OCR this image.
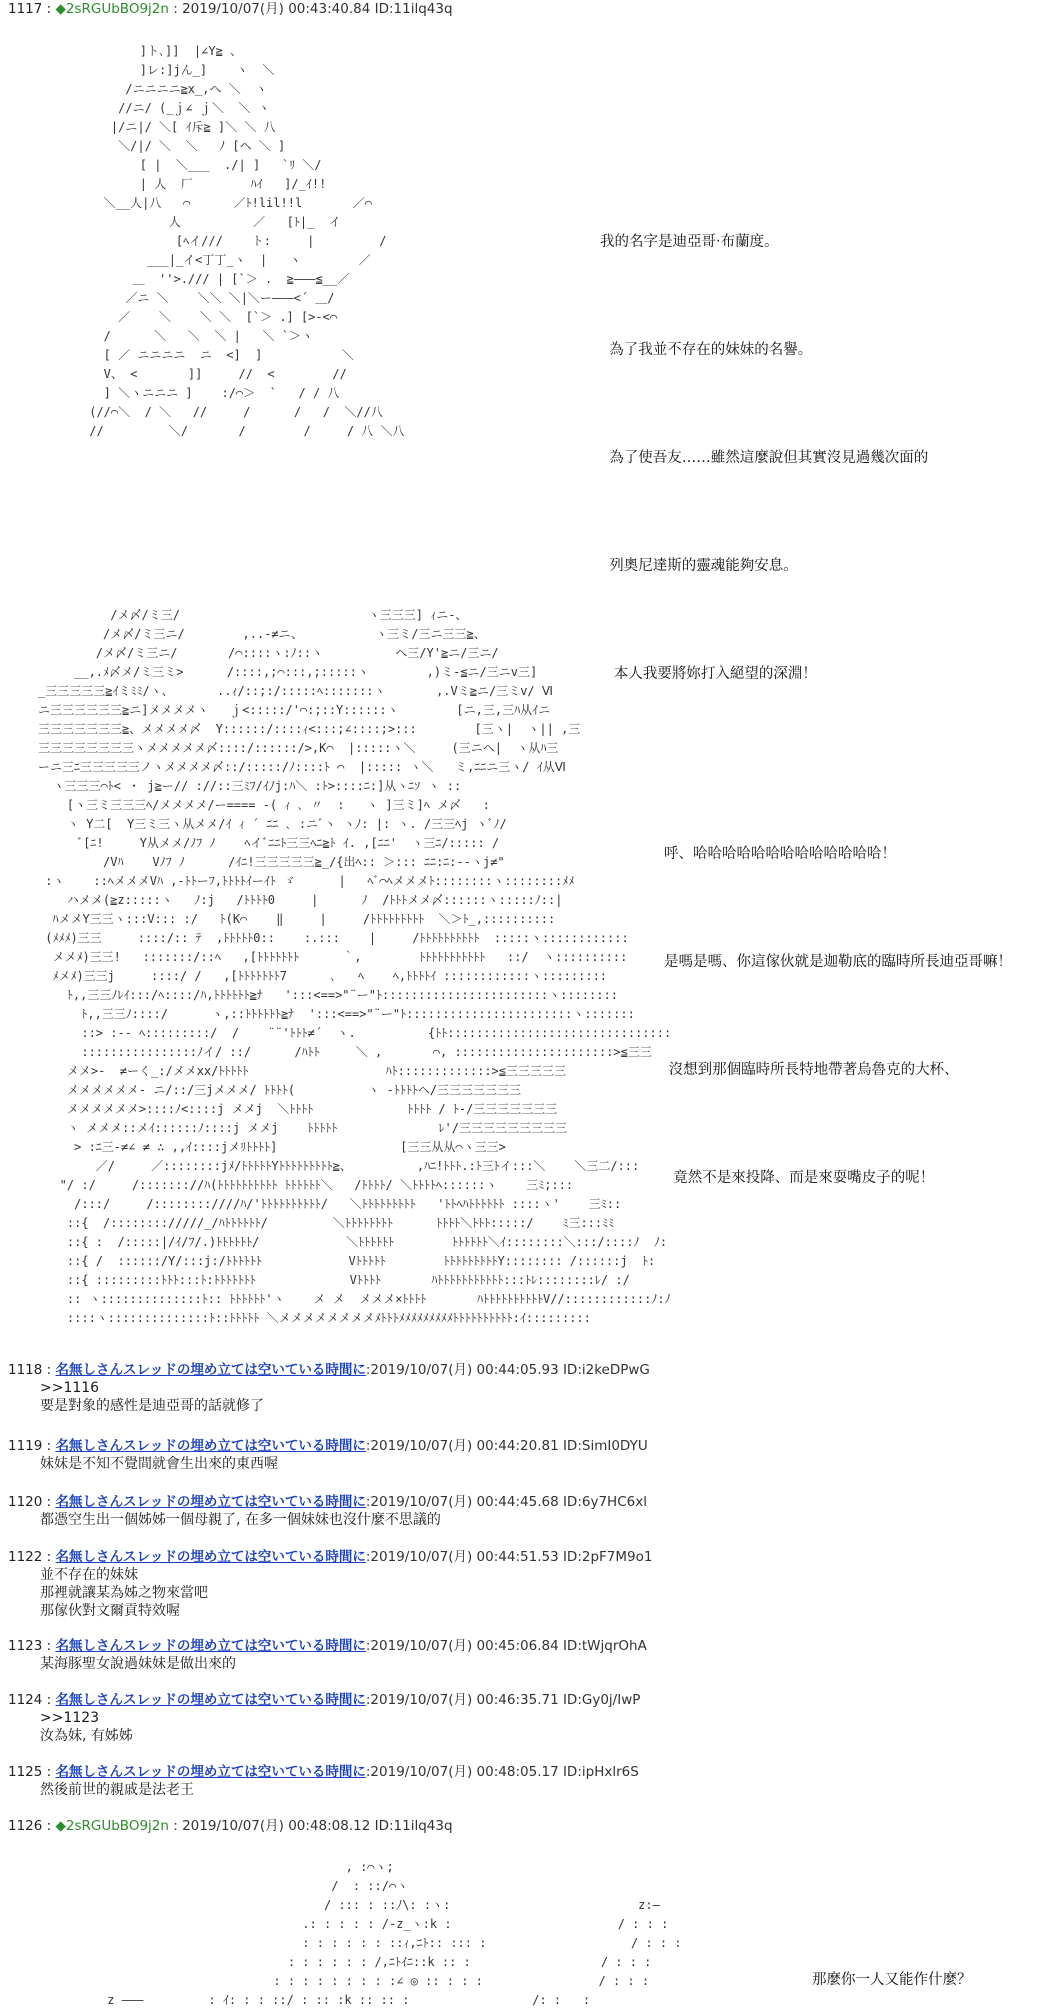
1117 : ◆2sRGUbBO9j2n : 2019/10/07(月) 00:43:40.84 ID:11ilq43q
]ト､]]  |∠Y≧ 、
]レ:]jん_]    ヽ  ＼
/ニニニニ≧x_,ヘ ＼  ヽ
//ニ/ (_ｊ∠ ｊ＼  ＼ ヽ
|/ニ|/ ＼[ ｲ斥≧ ]＼ ＼ 八
＼/|/ ＼  ＼   ﾉ [ヘ ＼ ]
[ |  ＼___  ./| ]   `ﾘ ＼/
| 人  厂        ﾊｲ   ]/_ｲ!!
＼__人|八   ⌒      ／ﾄ!lil!!l       ／⌒
人          ／   [ﾄ|_  イ
[ﾍイ///    ト:     |         /
___|_イ<丁丁_ヽ  |   ヽ        ／
＿  ''>./// | [`＞ .  ≧―――≦__／
／ニ ＼    ＼＼ ＼|＼ー―――<´ ＿/
／    ＼    ＼ ＼  [`＞ .] [>-<⌒
/      ＼   ＼  ＼ |   ＼ `＞ヽ
[ ／ ニニニニ  ニ  <]  ]           ＼
V、 <       ]]     //  <        //
] ＼ヽニニニ ]    :/⌒＞  `   / / 八
(//⌒＼  / ＼   //     /      /   /  ＼//八
//         ＼/       /        /     / 八 ＼八

我的名字是迪亞哥‧布蘭度。

為了我並不存在的妹妹的名譽。

為了使吾友……雖然這麼說但其實沒見過幾次面的

列奧尼達斯的靈魂能夠安息。

本人我要將妳打入絕望的深淵！

/メ〆/ミ三/                          ヽ三三三] ｨニ-、
/メ〆/ミ三ニ/        ,..-≠ニ、          ヽ三ミ/三ニ三三≧、
/メ〆/ミ三ニ/       /⌒::::ヽ:ﾉ::ヽ          ヘ三/Y'≧ニ/三ニ/
__,.ﾒ〆メ/ミ三ミ>      /::::,;⌒:::,;:::::ヽ        ,)ミ-≦ニ/三ニv三]
_三三三三三≧ｲミﾐﾐ/ヽ、      ..ｨ/::;:/:::::ﾍ:::::::ヽ       ,.Vミ≧ニ/三ミv/ Ⅵ
ニ三三三三三三≧ニ]メメメメヽ   ｊ<:::::/'⌒:;::Y::::::ヽ        [ニ,三,三ﾊ从ｲニ
三三三三三三三≧、メメメメ〆  Y::::::/::::ｨ<:::;∠::::;>:::        [三ヽ|  ヽ|| ,三
三三三三三三三三ヽメメメメメ〆::::/::::::/>,K⌒  |:::::ヽ＼     (三ニヘ|  ヽ从ﾊ三
ーニ三ﾆ三三三三三ノヽメメメメ〆::/:::::/ﾉ::::ﾄ ⌒  |::::: ヽ＼   ミ,ﾆﾆニ三ヽ/ ｲ从Ⅵ
ヽ三三三⌒ﾄ< ・ j≧ー// ://::三ﾐﾌ/ｲﾉj:ﾊ＼ :ﾄ>::::ﾆ:]从ヽﾆｿ ヽ ::
[ヽ三ミ三三三ﾍ/メメメメ/ー==== -( ｨ ､ 〃  :   ヽ ]三ミ]ﾍ メ〆   :
ヽ Y二[  Y三ミ三ヽ从メメ/ｲ ｨ ´ ﾆﾆ ､ :ニﾞヽ ヽﾉ: |: ヽ. /三三ﾍj ヽﾞﾉ/
ﾞ[ﾆ!     Y从メメ/ﾉﾌ ﾉ    ﾍイﾞﾆﾆﾄ三三ﾍﾆ≧ﾄ ｲ. ,[ﾆﾆ'  ヽ三ﾆ/::::: /
/Vﾊ    Vﾉﾌ ﾉ      /ｲﾆ!三三三三三≧_/{出ﾍ:: ＞::: ﾆﾆ:ﾆ:--ヽj≠"
:ヽ    ::ﾍメメメVﾊ ,-ﾄﾄーﾌ,ﾄﾄﾄﾄｲーｲﾄ ゞ      |   ﾍﾞ⌒ﾍメメメﾄ::::::::ヽ::::::::ﾒﾒ
ハメメ(≧z:::::ヽ   ﾉ:j   /ﾄﾄﾄﾄ0     |      ﾉ  /ﾄﾄﾄメメ〆::::::ヽ:::::ﾉ::|
ﾊメメY三三ヽ:::V::: :/   ﾄ(K⌒    ‖     |     /ﾄﾄﾄﾄﾄﾄﾄﾄﾄ  ＼＞ﾄ_,::::::::::
(ﾒﾒﾒ)三三     ::::/:: ﾃ  ,ﾄﾄﾄﾄﾄ0::    :.:::    |     /ﾄﾄﾄﾄﾄﾄﾄﾄﾄﾄ  :::::ヽ::::::::::::
メメﾒ)三三!   :::::::/::ﾍ   ,[ﾄﾄﾄﾄﾄﾄﾄ      ｀,        ﾄﾄﾄﾄﾄﾄﾄﾄﾄﾄﾄ   ::/  ヽ::::::::::
ﾒメﾒ)三三j     ::::/ /   ,[ﾄﾄﾄﾄﾄﾄﾄ7      ､   ﾍ    ﾍ,ﾄﾄﾄﾄｲ ::::::::::::ヽ:::::::::
ﾄ,,三三ﾉﾚｲ:::/ﾍ::::/ﾊ,ﾄﾄﾄﾄﾄﾄ≧ﾅ   ':::<==>"¨ー"ﾄ:::::::::::::::::::::::ヽ::::::::
ﾄ,,三三ﾉ::::/      ヽ,::ﾄﾄﾄﾄﾄﾄ≧ﾅ  ':::<==>"¨ー"ﾄ:::::::::::::::::::::::ヽ:::::::
::> :-- ﾍ:::::::::/  /    ¨¨'ﾄﾄﾄ≠´  ヽ.          {ﾄﾄ:::::::::::::::::::::::::::::::
::::::::::::::::ﾉイ/ ::/      /ﾊﾄﾄ     ＼ ,       ⌒, ::::::::::::::::::::::>≦三三
メメ>-  ≠ーく_:/メメxx/ﾄﾄﾄﾄﾄ                   ﾊﾄ:::::::::::::>≦三三三三三
メメメメメメ- ニ/::/三jメメメ/ ﾄﾄﾄﾄ(          ヽ -ﾄﾄﾄﾄヘ/三三三三三三三
メメメメメメ>::::ﾉ<::::j メメj  ＼ﾄﾄﾄﾄ             ﾄﾄﾄﾄ / ﾄ-/三三三三三三三
ヽ メメメ::メｲ::::::ﾉ::::j メメj    ﾄﾄﾄﾄﾄ              ﾚ'/三三三三三三三三三
> :ﾆ三-≠∠ ≠ ∴ ,,ｲ::::jメﾘﾄﾄﾄﾄ]                 [三三从从⌒ヽ三三>
／/     ／::::::::jﾒ/ﾄﾄﾄﾄﾄYﾄﾄﾄﾄﾄﾄﾄﾄﾄ≧、         ,ﾊﾆ!ﾄﾄﾄ.:ﾄ三ﾄイ:::＼    ＼三二/:::
"/ :/     /::::::://ﾊ(ﾄﾄﾄﾄﾄﾄﾄﾄﾄﾄ ﾄﾄﾄﾄﾄﾄ＼   /ﾄﾄﾄﾄ/ ＼ﾄﾄﾄﾄﾍ::::::ヽ    三ﾐ;:::
/:::/     /::::::::////ﾊ/'ﾄﾄﾄﾄﾄﾄﾄﾄﾄﾄ/   ＼ﾄﾄﾄﾄﾄﾄﾄﾄﾄ   'ﾄﾄﾍﾊﾄﾄﾄﾄﾄﾄ ::::ヽ'    三ﾐ::
::{  /:::::::://///_/ﾊﾄﾄﾄﾄﾄﾄ/         ＼ﾄﾄﾄﾄﾄﾄﾄﾄ      ﾄﾄﾄﾄ＼ﾄﾄﾄ:::::/    ﾐ三:::ﾐﾐ
::{ :  /:::::|/ｲ/ﾌ/.)ﾄﾄﾄﾄﾄﾄ/            ＼ﾄﾄﾄﾄﾄﾄ        ﾄﾄﾄﾄﾄﾄ＼ｲ::::::::＼:::/::::ﾉ  ﾉ:
::{ /  ::::::/Y/:::j:/ﾄﾄﾄﾄﾄﾄ            Vﾄﾄﾄﾄﾄ        ﾄﾄﾄﾄﾄﾄﾄﾄﾄY:::::::: /::::::j  ﾄ:
::{ :::::::::ﾄﾄﾄ:::ﾄ:ﾄﾄﾄﾄﾄﾄﾄ             Vﾄﾄﾄﾄ       ﾊﾄﾄﾄﾄﾄﾄﾄﾄﾄﾄﾄ:::ﾄﾚ::::::::ﾚ/ :/
:: ヽ::::::::::::::ﾄ:: ﾄﾄﾄﾄﾄﾄ'ヽ    メ メ  メメメ×ﾄﾄﾄﾄ       ﾊﾄﾄﾄﾄﾄﾄﾄﾄﾄﾄV//::::::::::::ﾉ:ﾉ
::::ヽ::::::::::::::ﾄ::ﾄﾄﾄﾄﾄ ＼メメメメメメメメﾒﾄﾄﾄﾒﾒﾒﾒﾒﾒﾒﾒﾒﾄﾄﾄﾄﾄﾄﾄﾄﾄﾄ:ｲ:::::::::

呼、哈哈哈哈哈哈哈哈哈哈哈哈哈！

是嗎是嗎、你這傢伙就是迦勒底的臨時所長迪亞哥嘛！

沒想到那個臨時所長特地帶著烏魯克的大杯、

竟然不是來投降、而是來耍嘴皮子的呢！

1118 : 名無しさんスレッドの埋め立ては空いている時間に:2019/10/07(月) 00:44:05.93 ID:i2keDPwG
>>1116
要是對象的感性是迪亞哥的話就修了
1119 : 名無しさんスレッドの埋め立ては空いている時間に:2019/10/07(月) 00:44:20.81 ID:SimI0DYU
妹妹是不知不覺間就會生出來的東西喔
1120 : 名無しさんスレッドの埋め立ては空いている時間に:2019/10/07(月) 00:44:45.68 ID:6y7HC6xl
都憑空生出一個姊姊一個母親了, 在多一個妹妹也沒什麼不思議的
1122 : 名無しさんスレッドの埋め立ては空いている時間に:2019/10/07(月) 00:44:51.53 ID:2pF7M9o1
並不存在的妹妹
那裡就讓某為姊之物來當吧
那傢伙對文爾貢特效喔
1123 : 名無しさんスレッドの埋め立ては空いている時間に:2019/10/07(月) 00:45:06.84 ID:tWjqrOhA
某海豚聖女說過妹妹是做出來的
1124 : 名無しさんスレッドの埋め立ては空いている時間に:2019/10/07(月) 00:46:35.71 ID:Gy0j/IwP
>>1123
汝為妹, 有姊姊
1125 : 名無しさんスレッドの埋め立ては空いている時間に:2019/10/07(月) 00:48:05.17 ID:ipHxlr6S
然後前世的親戚是法老王
1126 : ◆2sRGUbBO9j2n : 2019/10/07(月) 00:48:08.12 ID:11ilq43q
, :⌒ヽ;
/  : ::/⌒ヽ
/ ::: : ::ﾉ\: :ヽ:                          z:―
.: : : : : /-z_ヽ:k :                       / : : :
: : : : : : ::ｨ,ﾆﾄ:: ::: :                    / : : :
: : : : : : /,ﾆﾄｲﾆ::k :: :                  / : : :
: : : : : : : : :∠ ◎ :: : : :                / : : :
z ―――         : ｲ: : : ::/ : :: :k :: :: :                 /: :   :
那麼你一人又能作什麼？
